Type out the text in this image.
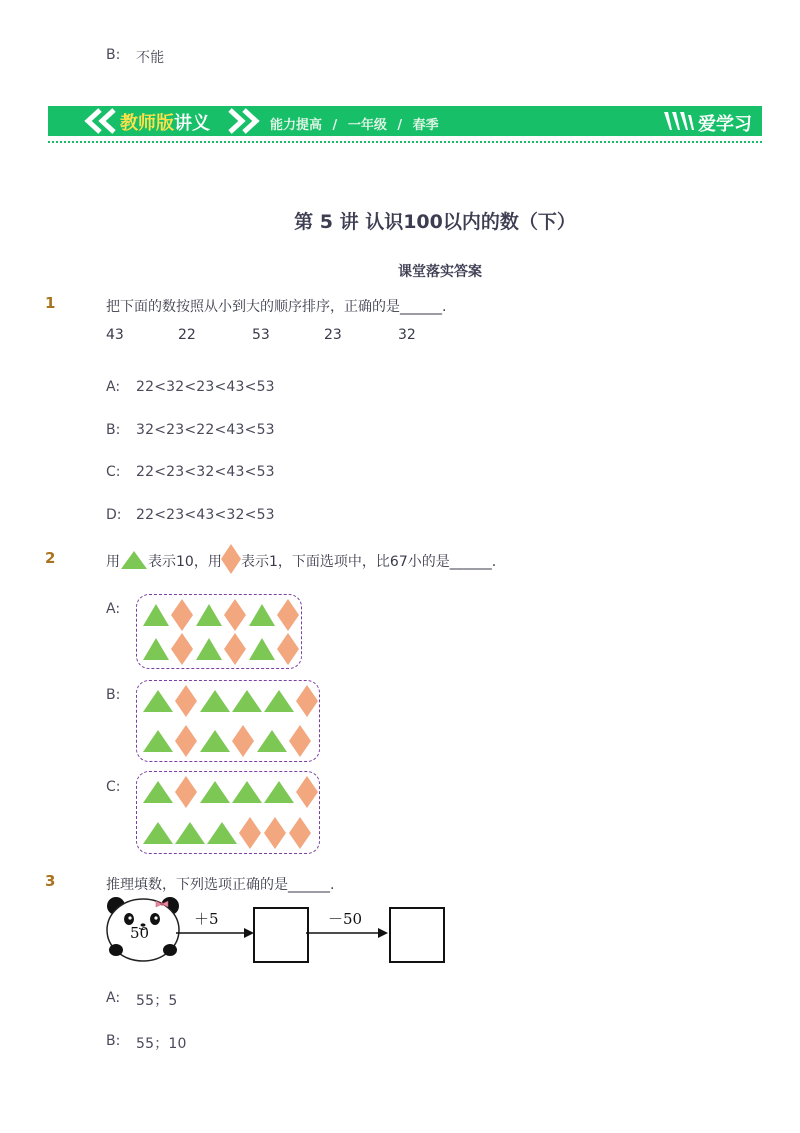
B: 不能
教师版讲义	能力提高 / 一年级 / 春季	爱学习
第 5 讲 认识100以内的数（下）
课堂落实答案
1	把下面的数按照从小到大的顺序排序，正确的是______.
43	22	53	23	32
A: 22<32<23<43<53
B: 32<23<22<43<53
C: 22<23<32<43<53
D: 22<23<43<32<53
2	用 表示10，用 表示1，下面选项中，比67小的是______.
A:
B:
C:
3	推理填数，下列选项正确的是______.
50
＋5	－50
A: 55；5
B: 55；10
